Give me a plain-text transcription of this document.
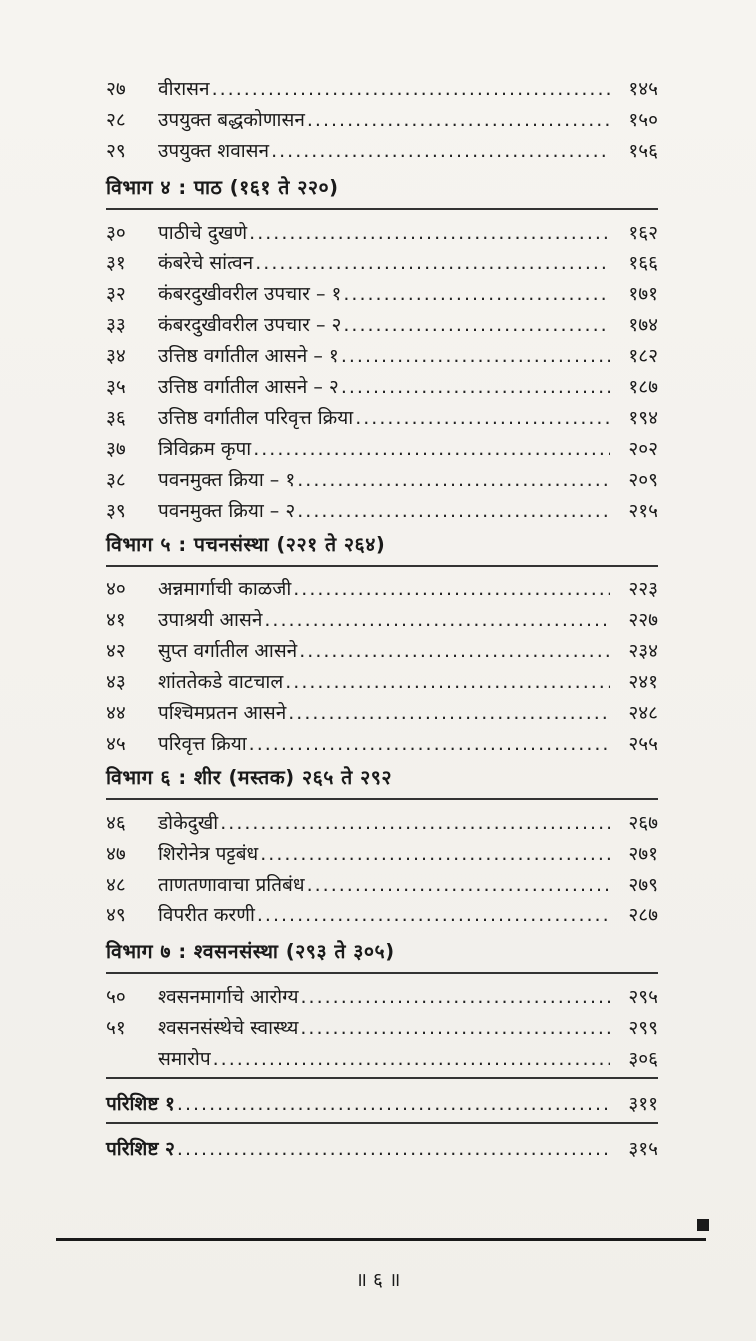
२७	वीरासन .....	१४५
२८	उपयुक्त बद्धकोणासन .....	१५०
२९	उपयुक्त शवासन .....	१५६
विभाग ४ : पाठ (१६१ ते २२०)
३०	पाठीचे दुखणे .....	१६२
३१	कंबरेचे सांत्वन .....	१६६
३२	कंबरदुखीवरील उपचार – १ .....	१७१
३३	कंबरदुखीवरील उपचार – २ .....	१७४
३४	उत्तिष्ठ वर्गातील आसने – १ .....	१८२
३५	उत्तिष्ठ वर्गातील आसने – २ .....	१८७
३६	उत्तिष्ठ वर्गातील परिवृत्त क्रिया .....	१९४
३७	त्रिविक्रम कृपा .....	२०२
३८	पवनमुक्त क्रिया – १ .....	२०९
३९	पवनमुक्त क्रिया – २ .....	२१५
विभाग ५ : पचनसंस्था (२२१ ते २६४)
४०	अन्नमार्गाची काळजी .....	२२३
४१	उपाश्रयी आसने .....	२२७
४२	सुप्त वर्गातील आसने .....	२३४
४३	शांततेकडे वाटचाल .....	२४१
४४	पश्चिमप्रतन आसने .....	२४८
४५	परिवृत्त क्रिया .....	२५५
विभाग ६ : शीर (मस्तक) २६५ ते २९२
४६	डोकेदुखी .....	२६७
४७	शिरोनेत्र पट्टबंध .....	२७१
४८	ताणतणावाचा प्रतिबंध .....	२७९
४९	विपरीत करणी .....	२८७
विभाग ७ : श्वसनसंस्था (२९३ ते ३०५)
५०	श्वसनमार्गाचे आरोग्य .....	२९५
५१	श्वसनसंस्थेचे स्वास्थ्य .....	२९९
समारोप .....	३०६
परिशिष्ट १ .....	३११
परिशिष्ट २ .....	३१५
॥ ६ ॥
